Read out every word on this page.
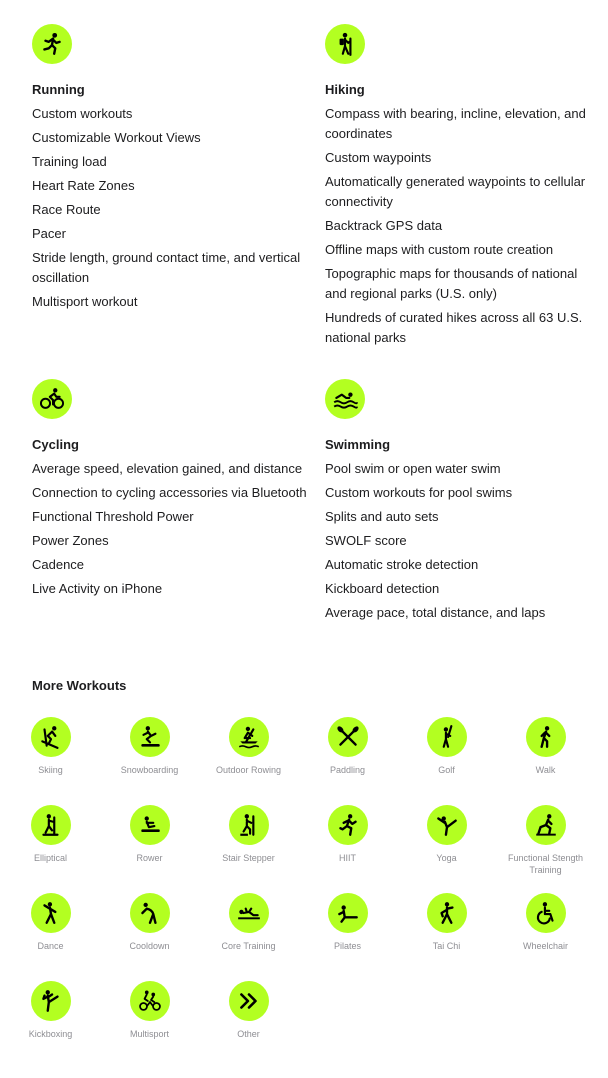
Running
Custom workouts
Customizable Workout Views
Training load
Heart Rate Zones
Race Route
Pacer
Stride length, ground contact time, and vertical oscillation
Multisport workout
Hiking
Compass with bearing, incline, elevation, and coordinates
Custom waypoints
Automatically generated waypoints to cellular connectivity
Backtrack GPS data
Offline maps with custom route creation
Topographic maps for thousands of national and regional parks (U.S. only)
Hundreds of curated hikes across all 63 U.S. national parks
Cycling
Average speed, elevation gained, and distance
Connection to cycling accessories via Bluetooth
Functional Threshold Power
Power Zones
Cadence
Live Activity on iPhone
Swimming
Pool swim or open water swim
Custom workouts for pool swims
Splits and auto sets
SWOLF score
Automatic stroke detection
Kickboard detection
Average pace, total distance, and laps
More Workouts
Skiing	Snowboarding	Outdoor Rowing	Paddling	Golf	Walk
Elliptical	Rower	Stair Stepper	HIIT	Yoga	Functional Stength Training
Dance	Cooldown	Core Training	Pilates	Tai Chi	Wheelchair
Kickboxing	Multisport	Other
